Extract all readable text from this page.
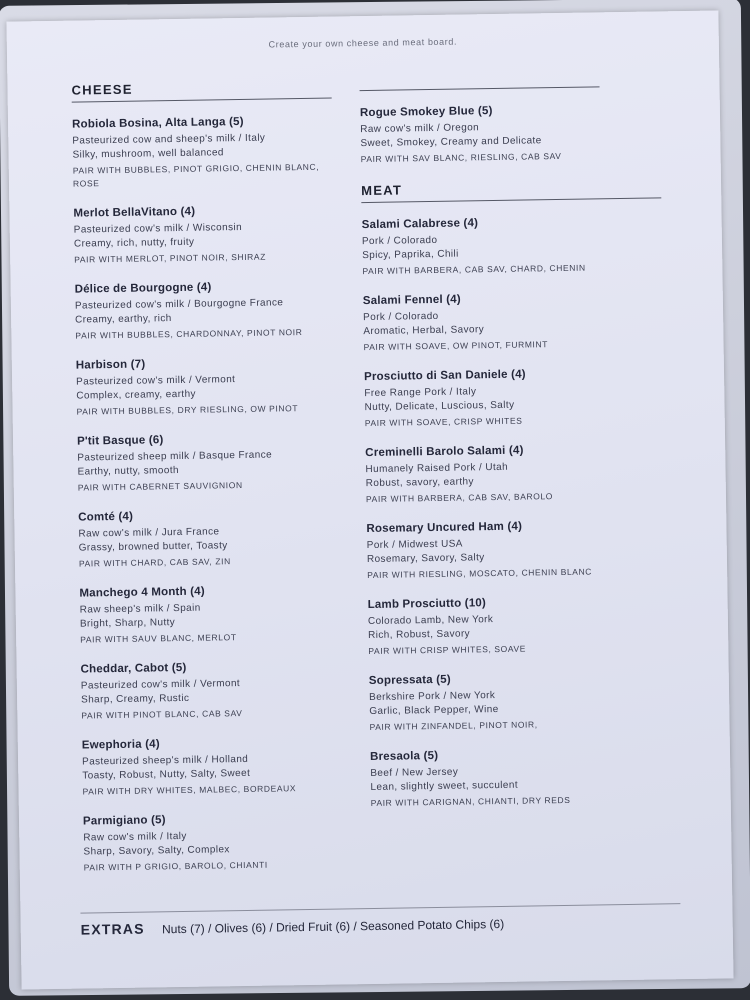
Create your own cheese and meat board.
CHEESE
Robiola Bosina, Alta Langa (5)
Pasteurized cow and sheep's milk / Italy
Silky, mushroom, well balanced
PAIR WITH BUBBLES, PINOT GRIGIO, CHENIN BLANC, ROSE
Merlot BellaVitano (4)
Pasteurized cow's milk / Wisconsin
Creamy, rich, nutty, fruity
PAIR WITH MERLOT, PINOT NOIR, SHIRAZ
Délice de Bourgogne (4)
Pasteurized cow's milk / Bourgogne France
Creamy, earthy, rich
PAIR WITH BUBBLES, CHARDONNAY, PINOT NOIR
Harbison (7)
Pasteurized cow's milk / Vermont
Complex, creamy, earthy
PAIR WITH BUBBLES, DRY RIESLING, OW PINOT
P'tit Basque (6)
Pasteurized sheep milk / Basque France
Earthy, nutty, smooth
PAIR WITH CABERNET SAUVIGNION
Comté (4)
Raw cow's milk / Jura France
Grassy, browned butter, Toasty
PAIR WITH CHARD, CAB SAV, ZIN
Manchego 4 Month (4)
Raw sheep's milk / Spain
Bright, Sharp, Nutty
PAIR WITH SAUV BLANC, MERLOT
Cheddar, Cabot (5)
Pasteurized cow's milk / Vermont
Sharp, Creamy, Rustic
PAIR WITH PINOT BLANC, CAB SAV
Ewephoria (4)
Pasteurized sheep's milk / Holland
Toasty, Robust, Nutty, Salty, Sweet
PAIR WITH DRY WHITES, MALBEC, BORDEAUX
Parmigiano (5)
Raw cow's milk / Italy
Sharp, Savory, Salty, Complex
PAIR WITH P GRIGIO, BAROLO, CHIANTI
Rogue Smokey Blue (5)
Raw cow's milk / Oregon
Sweet, Smokey, Creamy and Delicate
PAIR WITH SAV BLANC, RIESLING, CAB SAV
MEAT
Salami Calabrese (4)
Pork / Colorado
Spicy, Paprika, Chili
PAIR WITH BARBERA, CAB SAV, CHARD, CHENIN
Salami Fennel (4)
Pork / Colorado
Aromatic, Herbal, Savory
PAIR WITH SOAVE, OW PINOT, FURMINT
Prosciutto di San Daniele (4)
Free Range Pork / Italy
Nutty, Delicate, Luscious, Salty
PAIR WITH SOAVE, CRISP WHITES
Creminelli Barolo Salami (4)
Humanely Raised Pork / Utah
Robust, savory, earthy
PAIR WITH BARBERA, CAB SAV, BAROLO
Rosemary Uncured Ham (4)
Pork / Midwest USA
Rosemary, Savory, Salty
PAIR WITH RIESLING, MOSCATO, CHENIN BLANC
Lamb Prosciutto (10)
Colorado Lamb, New York
Rich, Robust, Savory
PAIR WITH CRISP WHITES, SOAVE
Sopressata (5)
Berkshire Pork / New York
Garlic, Black Pepper, Wine
PAIR WITH ZINFANDEL, PINOT NOIR,
Bresaola (5)
Beef / New Jersey
Lean, slightly sweet, succulent
PAIR WITH CARIGNAN, CHIANTI, DRY REDS
EXTRAS Nuts (7) / Olives (6) / Dried Fruit (6) / Seasoned Potato Chips (6)
